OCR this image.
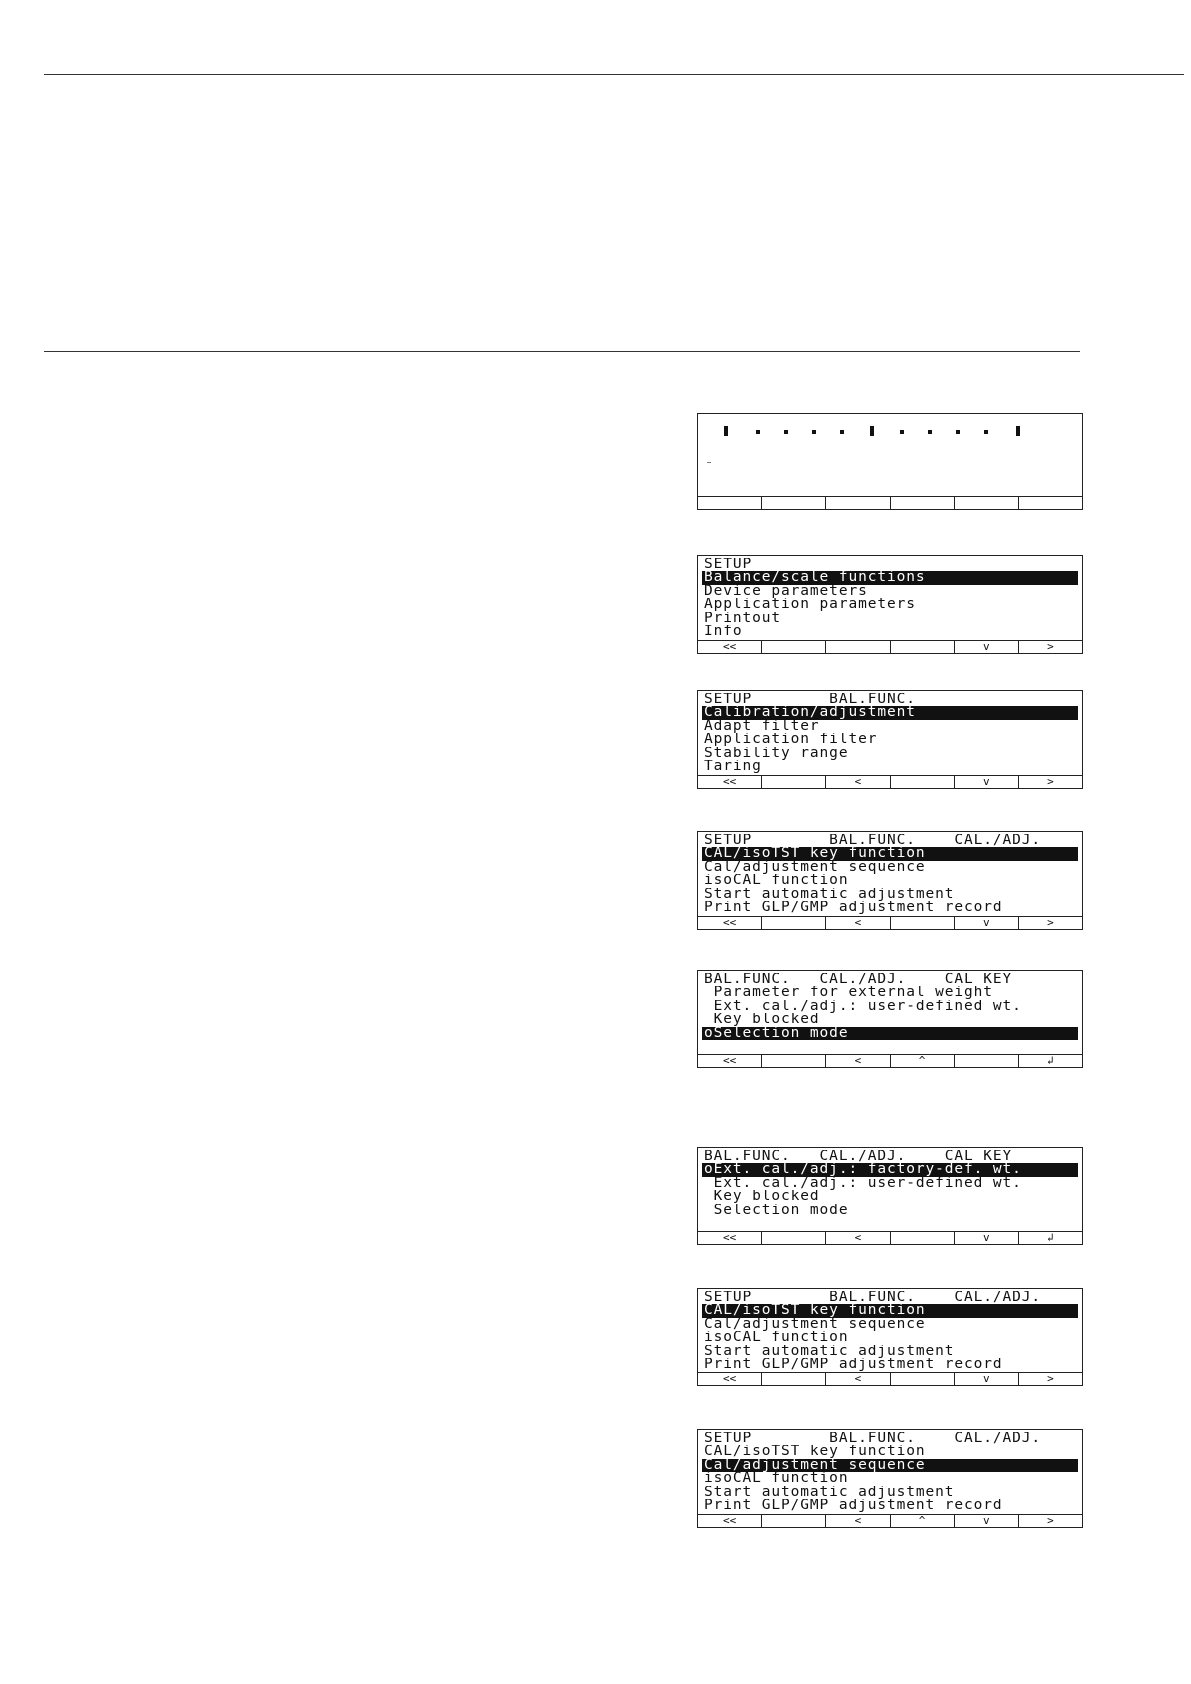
SETUP
Balance/scale functions
Device parameters
Application parameters
Printout
Info
<<	v	>
SETUP        BAL.FUNC.
Calibration/adjustment
Adapt filter
Application filter
Stability range
Taring
<<	<	v	>
SETUP        BAL.FUNC.    CAL./ADJ.
CAL/isoTST key function
Cal/adjustment sequence
isoCAL function
Start automatic adjustment
Print GLP/GMP adjustment record
<<	<	v	>
BAL.FUNC.   CAL./ADJ.    CAL KEY
Parameter for external weight
Ext. cal./adj.: user-defined wt.
Key blocked
oSelection mode
<<	<	^	↲
BAL.FUNC.   CAL./ADJ.    CAL KEY
oExt. cal./adj.: factory-def. wt.
Ext. cal./adj.: user-defined wt.
Key blocked
Selection mode
<<	<	v	↲
SETUP        BAL.FUNC.    CAL./ADJ.
CAL/isoTST key function
Cal/adjustment sequence
isoCAL function
Start automatic adjustment
Print GLP/GMP adjustment record
<<	<	v	>
SETUP        BAL.FUNC.    CAL./ADJ.
CAL/isoTST key function
Cal/adjustment sequence
isoCAL function
Start automatic adjustment
Print GLP/GMP adjustment record
<<	<	^	v	>
